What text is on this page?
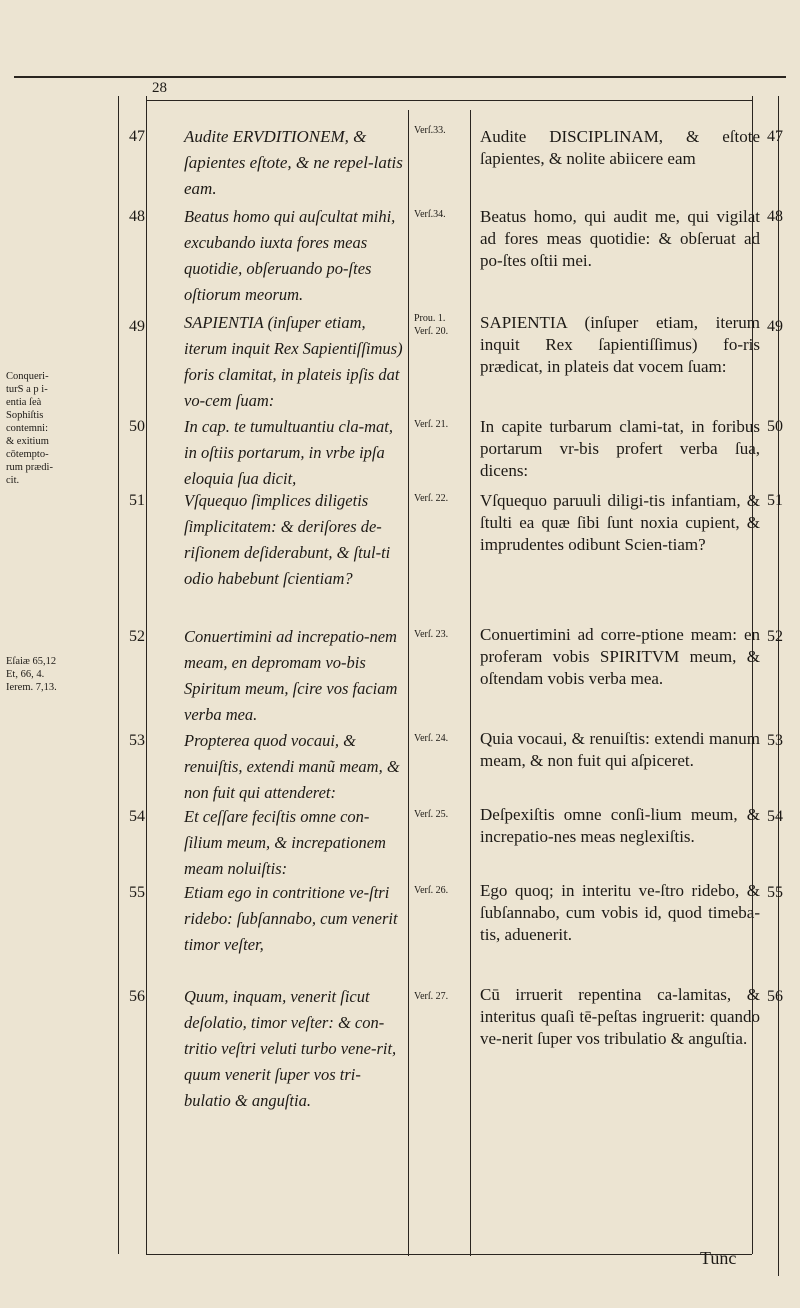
28
Conqueri-
turS a p i-
entia ſeà
Sophiſtis
contemni:
& exitium
cōtempto-
rum prædi-
cit.
Eſaiæ 65,12
Et, 66, 4.
Ierem. 7,13.
47
48
49
50
51
52
53
54
55
56
Audite ERVDITIONEM, & ſapientes eſtote, & ne repel-latis eam.
Beatus homo qui auſcultat mihi, excubando iuxta fores meas quotidie, obſeruando po-ſtes oſtiorum meorum.
SAPIENTIA (inſuper etiam, iterum inquit Rex Sapientiſſimus) foris clamitat, in plateis ipſis dat vo-cem ſuam:
In cap. te tumultuantiu cla-mat, in oſtiis portarum, in vrbe ipſa eloquia ſua dicit,
Vſquequo ſimplices diligetis ſimplicitatem: & deriſores de-riſionem deſiderabunt, & ſtul-ti odio habebunt ſcientiam?
Conuertimini ad increpatio-nem meam, en depromam vo-bis Spiritum meum, ſcire vos faciam verba mea.
Propterea quod vocaui, & renuiſtis, extendi manũ meam, & non fuit qui attenderet:
Et ceſſare feciſtis omne con-ſilium meum, & increpationem meam noluiſtis:
Etiam ego in contritione ve-ſtri ridebo: ſubſannabo, cum venerit timor veſter,
Quum, inquam, venerit ſicut deſolatio, timor veſter: & con-tritio veſtri veluti turbo vene-rit, quum venerit ſuper vos tri-bulatio & anguſtia.
Verſ.33.
Verſ.34.
Prou. 1.
Verſ. 20.
Verſ. 21.
Verſ. 22.
Verſ. 23.
Verſ. 24.
Verſ. 25.
Verſ. 26.
Verſ. 27.
Audite DISCIPLINAM, & eſtote ſapientes, & nolite abiicere eam
Beatus homo, qui audit me, qui vigilat ad fores meas quotidie: & obſeruat ad po-ſtes oſtii mei.
SAPIENTIA (inſuper etiam, iterum inquit Rex ſapientiſſimus) fo-ris prædicat, in plateis dat vocem ſuam:
In capite turbarum clami-tat, in foribus portarum vr-bis profert verba ſua, dicens:
Vſquequo paruuli diligi-tis infantiam, & ſtulti ea quæ ſibi ſunt noxia cupient, & imprudentes odibunt Scien-tiam?
Conuertimini ad corre-ptione meam: en proferam vobis SPIRITVM meum, & oſtendam vobis verba mea.
Quia vocaui, & renuiſtis: extendi manum meam, & non fuit qui aſpiceret.
Deſpexiſtis omne conſi-lium meum, & increpatio-nes meas neglexiſtis.
Ego quoq; in interitu ve-ſtro ridebo, & ſubſannabo, cum vobis id, quod timeba-tis, aduenerit.
Cū irruerit repentina ca-lamitas, & interitus quaſi tē-peſtas ingruerit: quando ve-nerit ſuper vos tribulatio & anguſtia.
47
48
49
50
51
52
53
54
55
56
Tunc
